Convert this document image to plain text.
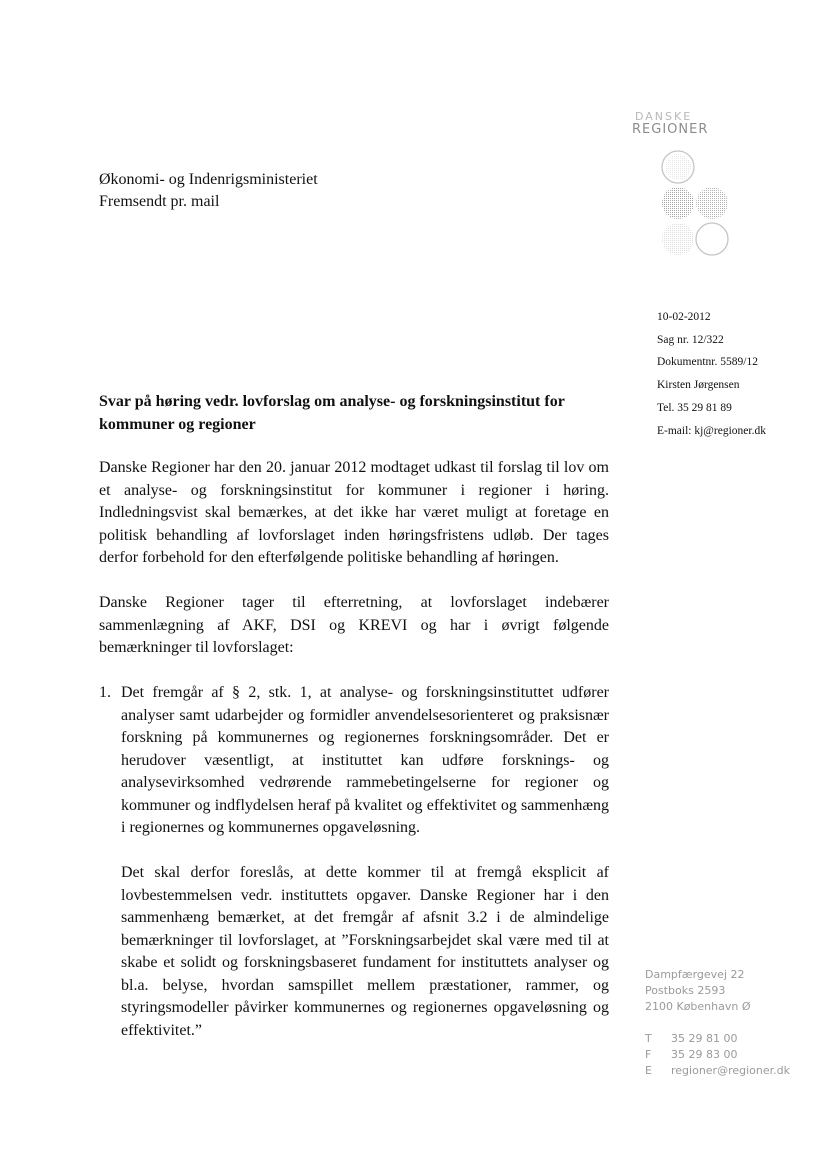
DANSKE
REGIONER
Økonomi- og Indenrigsministeriet
Fremsendt pr. mail
10-02-2012
Sag nr. 12/322
Dokumentnr. 5589/12
Kirsten Jørgensen
Tel. 35 29 81 89
E-mail: kj@regioner.dk
Svar på høring vedr. lovforslag om analyse- og forskningsinstitut for kommuner og regioner

Danske Regioner har den 20. januar 2012 modtaget udkast til forslag til lov om et analyse- og forskningsinstitut for kommuner i regioner i høring. Indledningsvist skal bemærkes, at det ikke har været muligt at foretage en politisk behandling af lovforslaget inden høringsfristens udløb. Der tages derfor forbehold for den efterfølgende politiske behandling af høringen.

Danske Regioner tager til efterretning, at lovforslaget indebærer sammenlægning af AKF, DSI og KREVI og har i øvrigt følgende bemærkninger til lovforslaget:

1. Det fremgår af § 2, stk. 1, at analyse- og forskningsinstituttet udfører analyser samt udarbejder og formidler anvendelsesorienteret og praksisnær forskning på kommunernes og regionernes forskningsområder. Det er herudover væsentligt, at instituttet kan udføre forsknings- og analysevirksomhed vedrørende rammebetingelserne for regioner og kommuner og indflydelsen heraf på kvalitet og effektivitet og sammenhæng i regionernes og kommunernes opgaveløsning.

Det skal derfor foreslås, at dette kommer til at fremgå eksplicit af lovbestemmelsen vedr. instituttets opgaver. Danske Regioner har i den sammenhæng bemærket, at det fremgår af afsnit 3.2 i de almindelige bemærkninger til lovforslaget, at ”Forskningsarbejdet skal være med til at skabe et solidt og forskningsbaseret fundament for instituttets analyser og bl.a. belyse, hvordan samspillet mellem præstationer, rammer, og styringsmodeller påvirker kommunernes og regionernes opgaveløsning og effektivitet.”

Dampfærgevej 22
Postboks 2593
2100 København Ø
T 35 29 81 00
F 35 29 83 00
E regioner@regioner.dk
